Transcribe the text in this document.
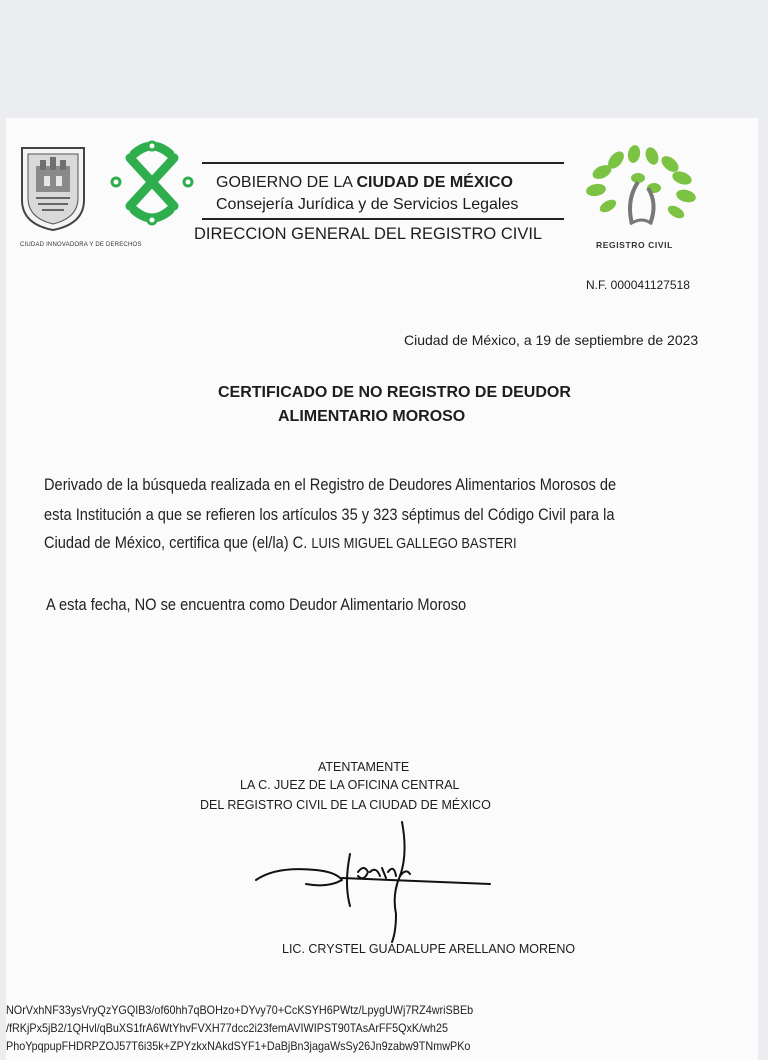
CIUDAD INNOVADORA Y DE DERECHOS
GOBIERNO DE LA CIUDAD DE MÉXICO
Consejería Jurídica y de Servicios Legales
DIRECCION GENERAL DEL REGISTRO CIVIL
REGISTRO CIVIL
N.F. 000041127518
Ciudad de México, a 19 de septiembre de 2023
CERTIFICADO DE NO REGISTRO DE DEUDOR
ALIMENTARIO MOROSO
Derivado de la búsqueda realizada en el Registro de Deudores Alimentarios Morosos de
esta Institución a que se refieren los artículos 35 y 323 séptimus del Código Civil para la
Ciudad de México, certifica que (el/la) C. LUIS MIGUEL GALLEGO BASTERI
A esta fecha, NO se encuentra como Deudor Alimentario Moroso
ATENTAMENTE
LA C. JUEZ DE LA OFICINA CENTRAL
DEL REGISTRO CIVIL DE LA CIUDAD DE MÉXICO
LIC. CRYSTEL GUADALUPE ARELLANO MORENO
NOrVxhNF33ysVryQzYGQIB3/of60hh7qBOHzo+DYvy70+CcKSYH6PWtz/LpygUWj7RZ4wriSBEb
/fRKjPx5jB2/1QHvl/qBuXS1frA6WtYhvFVXH77dcc2i23femAVIWIPST90TAsArFF5QxK/wh25
PhoYpqpupFHDRPZOJ57T6i35k+ZPYzkxNAkdSYF1+DaBjBn3jagaWsSy26Jn9zabw9TNmwPKo
